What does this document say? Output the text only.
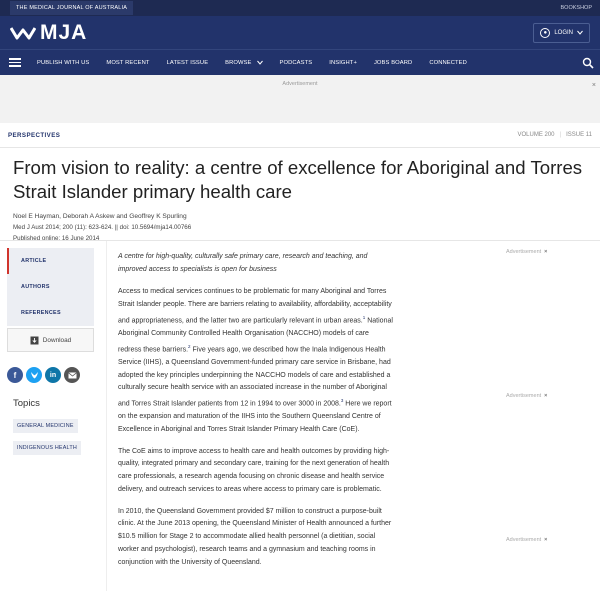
THE MEDICAL JOURNAL OF AUSTRALIA	BOOKSHOP
MJA	●	LOGIN
PUBLISH WITH US	MOST RECENT	LATEST ISSUE	BROWSE	PODCASTS	INSIGHT+	JOBS BOARD	CONNECTED
Advertisement	×
PERSPECTIVES	VOLUME 200 | ISSUE 11
From vision to reality: a centre of excellence for Aboriginal and Torres Strait Islander primary health care
Noel E Hayman, Deborah A Askew and Geoffrey K Spurling
Med J Aust 2014; 200 (11): 623-624. || doi: 10.5694/mja14.00766
Published online: 16 June 2014
ARTICLE
AUTHORS
REFERENCES
Download
f	in
Topics
GENERAL MEDICINE
INDIGENOUS HEALTH

A centre for high-quality, culturally safe primary care, research and teaching, and improved access to specialists is open for business

Access to medical services continues to be problematic for many Aboriginal and Torres Strait Islander people. There are barriers relating to availability, affordability, acceptability and appropriateness, and the latter two are particularly relevant in urban areas.$^1$ National Aboriginal Community Controlled Health Organisation (NACCHO) models of care redress these barriers.$^2$ Five years ago, we described how the Inala Indigenous Health Service (IIHS), a Queensland Government-funded primary care service in Brisbane, had adopted the key principles underpinning the NACCHO models of care and established a culturally secure health service with an associated increase in the number of Aboriginal and Torres Strait Islander patients from 12 in 1994 to over 3000 in 2008.$^3$ Here we report on the expansion and maturation of the IIHS into the Southern Queensland Centre of Excellence in Aboriginal and Torres Strait Islander Primary Health Care (CoE).

The CoE aims to improve access to health care and health outcomes by providing high-quality, integrated primary and secondary care, training for the next generation of health care professionals, a research agenda focusing on chronic disease and health service delivery, and outreach services to areas where access to primary care is problematic.

In 2010, the Queensland Government provided $7 million to construct a purpose-built clinic. At the June 2013 opening, the Queensland Minister of Health announced a further $10.5 million for Stage 2 to accommodate allied health personnel (a dietitian, social worker and psychologist), research teams and a gymnasium and teaching rooms in conjunction with the University of Queensland.

Advertisement ×
Advertisement ×
Advertisement ×
